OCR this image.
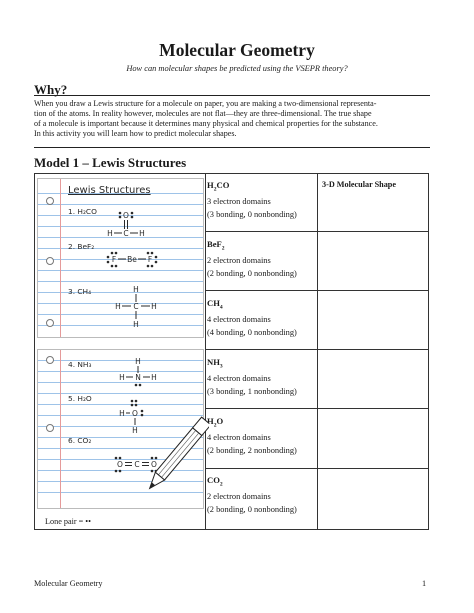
Molecular Geometry
How can molecular shapes be predicted using the VSEPR theory?
Why?
When you draw a Lewis structure for a molecule on paper, you are making a two-dimensional representa-
tion of the atoms. In reality however, molecules are not flat—they are three-dimensional. The true shape
of a molecule is important because it determines many physical and chemical properties for the substance.
In this activity you will learn how to predict molecular shapes.
Model 1 – Lewis Structures
3-D Molecular Shape
$H_2CO$
3 electron domains
(3 bonding, 0 nonbonding)
BeF$_2$
2 electron domains
(2 bonding, 0 nonbonding)
$CH_4$
4 electron domains
(4 bonding, 0 nonbonding)
$NH_3$
4 electron domains
(3 bonding, 1 nonbonding)
$H_2O$
4 electron domains
(2 bonding, 2 nonbonding)
$CO_2$
2 electron domains
(2 bonding, 0 nonbonding)
Lewis Structures
1. H₂CO
2. BeF₂
3. CH₄
O
H C H
F Be F
H
H C H
H
4. NH₃
5. H₂O
6. CO₂
H
H N H
H O
H
O C O
Lone pair = ••
Molecular Geometry	1
